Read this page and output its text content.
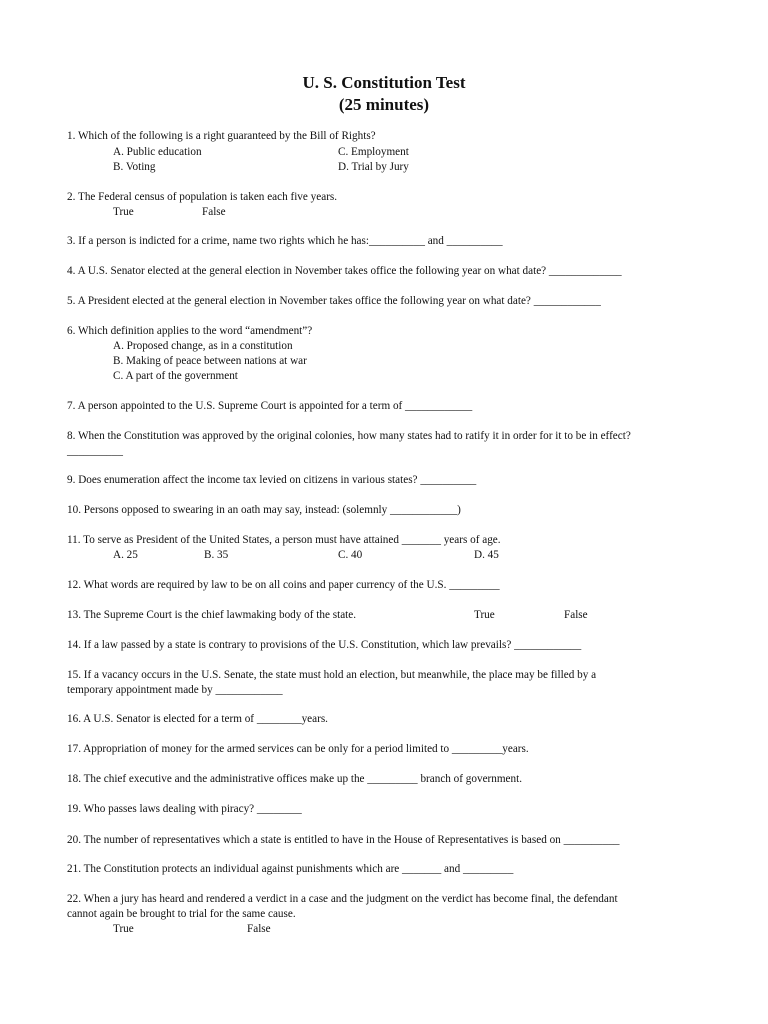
U. S. Constitution Test
(25 minutes)
1. Which of the following is a right guaranteed by the Bill of Rights?
A. Public education
B. Voting
C. Employment
D. Trial by Jury
2. The Federal census of population is taken each five years.
True	False
3. If a person is indicted for a crime, name two rights which he has:__________ and __________
4. A U.S. Senator elected at the general election in November takes office the following year on what date? _____________
5. A President elected at the general election in November takes office the following year on what date? ____________
6. Which definition applies to the word “amendment”?
A. Proposed change, as in a constitution
B. Making of peace between nations at war
C. A part of the government
7. A person appointed to the U.S. Supreme Court is appointed for a term of ____________
8. When the Constitution was approved by the original colonies, how many states had to ratify it in order for it to be in effect?
__________
9. Does enumeration affect the income tax levied on citizens in various states? __________
10. Persons opposed to swearing in an oath may say, instead: (solemnly ____________)
11. To serve as President of the United States, a person must have attained _______ years of age.
A. 25	B. 35	C. 40	D. 45
12. What words are required by law to be on all coins and paper currency of the U.S. _________
13. The Supreme Court is the chief lawmaking body of the state.	True	False
14. If a law passed by a state is contrary to provisions of the U.S. Constitution, which law prevails? ____________
15. If a vacancy occurs in the U.S. Senate, the state must hold an election, but meanwhile, the place may be filled by a
temporary appointment made by ____________
16. A U.S. Senator is elected for a term of ________years.
17. Appropriation of money for the armed services can be only for a period limited to _________years.
18. The chief executive and the administrative offices make up the _________ branch of government.
19. Who passes laws dealing with piracy? ________
20. The number of representatives which a state is entitled to have in the House of Representatives is based on __________
21. The Constitution protects an individual against punishments which are _______ and _________
22. When a jury has heard and rendered a verdict in a case and the judgment on the verdict has become final, the defendant
cannot again be brought to trial for the same cause.
True	False
